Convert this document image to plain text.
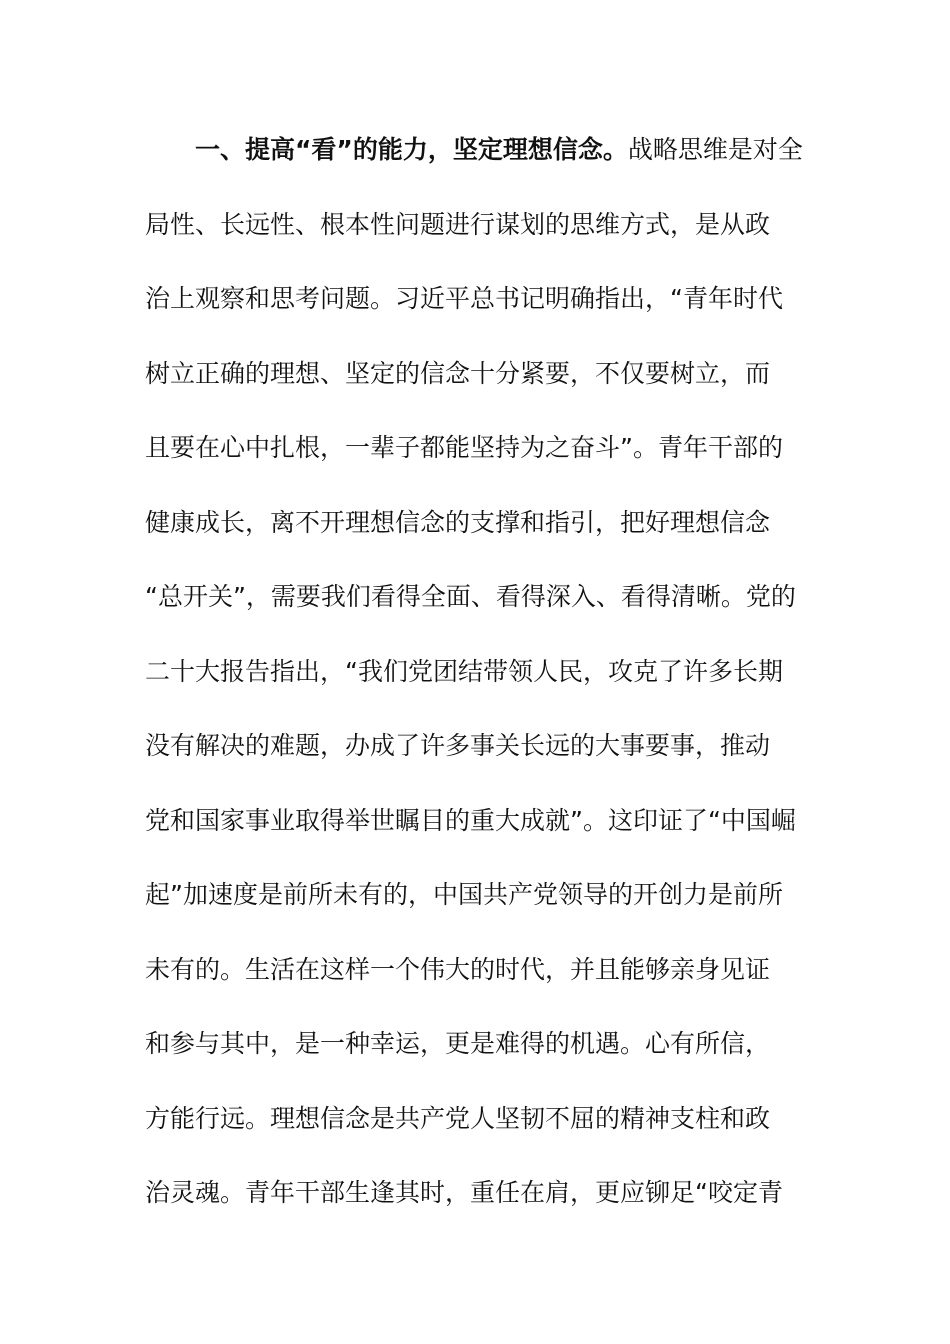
一、提高“看”的能力，坚定理想信念。战略思维是对全
局性、长远性、根本性问题进行谋划的思维方式，是从政
治上观察和思考问题。习近平总书记明确指出，“青年时代
树立正确的理想、坚定的信念十分紧要，不仅要树立，而
且要在心中扎根，一辈子都能坚持为之奋斗”。青年干部的
健康成长，离不开理想信念的支撑和指引，把好理想信念
“总开关”，需要我们看得全面、看得深入、看得清晰。党的
二十大报告指出，“我们党团结带领人民，攻克了许多长期
没有解决的难题，办成了许多事关长远的大事要事，推动
党和国家事业取得举世瞩目的重大成就”。这印证了“中国崛
起”加速度是前所未有的，中国共产党领导的开创力是前所
未有的。生活在这样一个伟大的时代，并且能够亲身见证
和参与其中，是一种幸运，更是难得的机遇。心有所信，
方能行远。理想信念是共产党人坚韧不屈的精神支柱和政
治灵魂。青年干部生逢其时，重任在肩，更应铆足“咬定青
